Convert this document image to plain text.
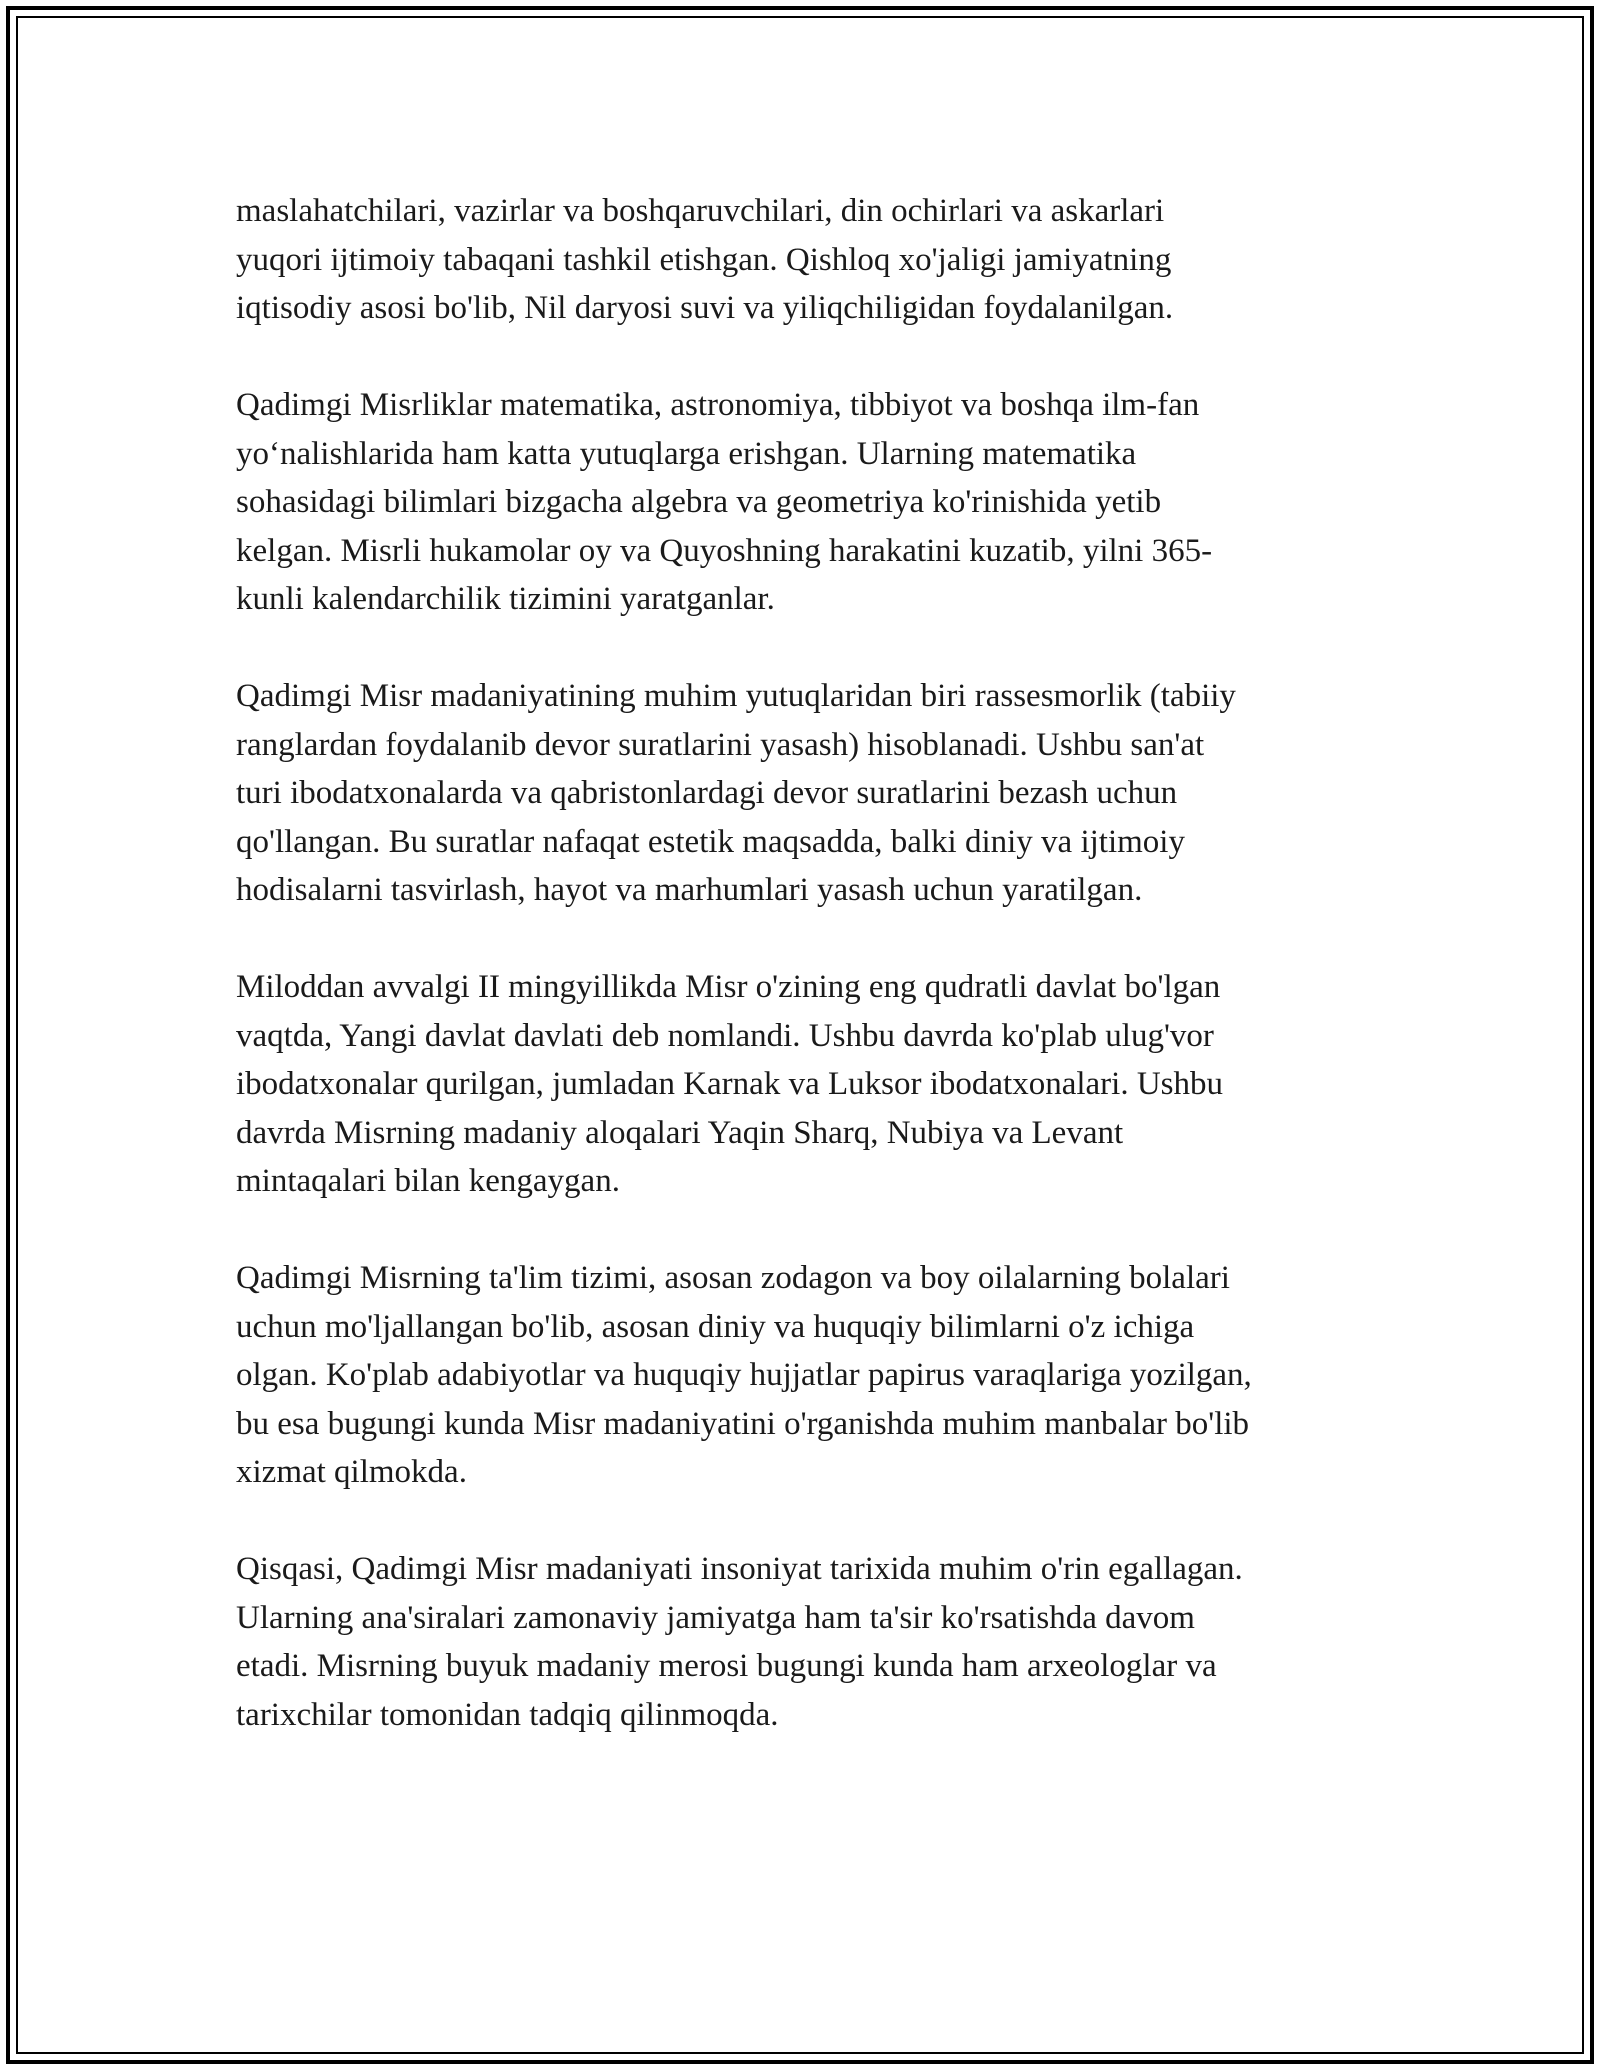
maslahatchilari, vazirlar va boshqaruvchilari, din ochirlari va askarlari
yuqori ijtimoiy tabaqani tashkil etishgan. Qishloq xo'jaligi jamiyatning
iqtisodiy asosi bo'lib, Nil daryosi suvi va yiliqchiligidan foydalanilgan.

Qadimgi Misrliklar matematika, astronomiya, tibbiyot va boshqa ilm-fan
yo‘nalishlarida ham katta yutuqlarga erishgan. Ularning matematika
sohasidagi bilimlari bizgacha algebra va geometriya ko'rinishida yetib
kelgan. Misrli hukamolar oy va Quyoshning harakatini kuzatib, yilni 365-
kunli kalendarchilik tizimini yaratganlar.

Qadimgi Misr madaniyatining muhim yutuqlaridan biri rassesmorlik (tabiiy
ranglardan foydalanib devor suratlarini yasash) hisoblanadi. Ushbu san'at
turi ibodatxonalarda va qabristonlardagi devor suratlarini bezash uchun
qo'llangan. Bu suratlar nafaqat estetik maqsadda, balki diniy va ijtimoiy
hodisalarni tasvirlash, hayot va marhumlari yasash uchun yaratilgan.

Miloddan avvalgi II mingyillikda Misr o'zining eng qudratli davlat bo'lgan
vaqtda, Yangi davlat davlati deb nomlandi. Ushbu davrda ko'plab ulug'vor
ibodatxonalar qurilgan, jumladan Karnak va Luksor ibodatxonalari. Ushbu
davrda Misrning madaniy aloqalari Yaqin Sharq, Nubiya va Levant
mintaqalari bilan kengaygan.

Qadimgi Misrning ta'lim tizimi, asosan zodagon va boy oilalarning bolalari
uchun mo'ljallangan bo'lib, asosan diniy va huquqiy bilimlarni o'z ichiga
olgan. Ko'plab adabiyotlar va huquqiy hujjatlar papirus varaqlariga yozilgan,
bu esa bugungi kunda Misr madaniyatini o'rganishda muhim manbalar bo'lib
xizmat qilmokda.

Qisqasi, Qadimgi Misr madaniyati insoniyat tarixida muhim o'rin egallagan.
Ularning ana'siralari zamonaviy jamiyatga ham ta'sir ko'rsatishda davom
etadi. Misrning buyuk madaniy merosi bugungi kunda ham arxeologlar va
tarixchilar tomonidan tadqiq qilinmoqda.
